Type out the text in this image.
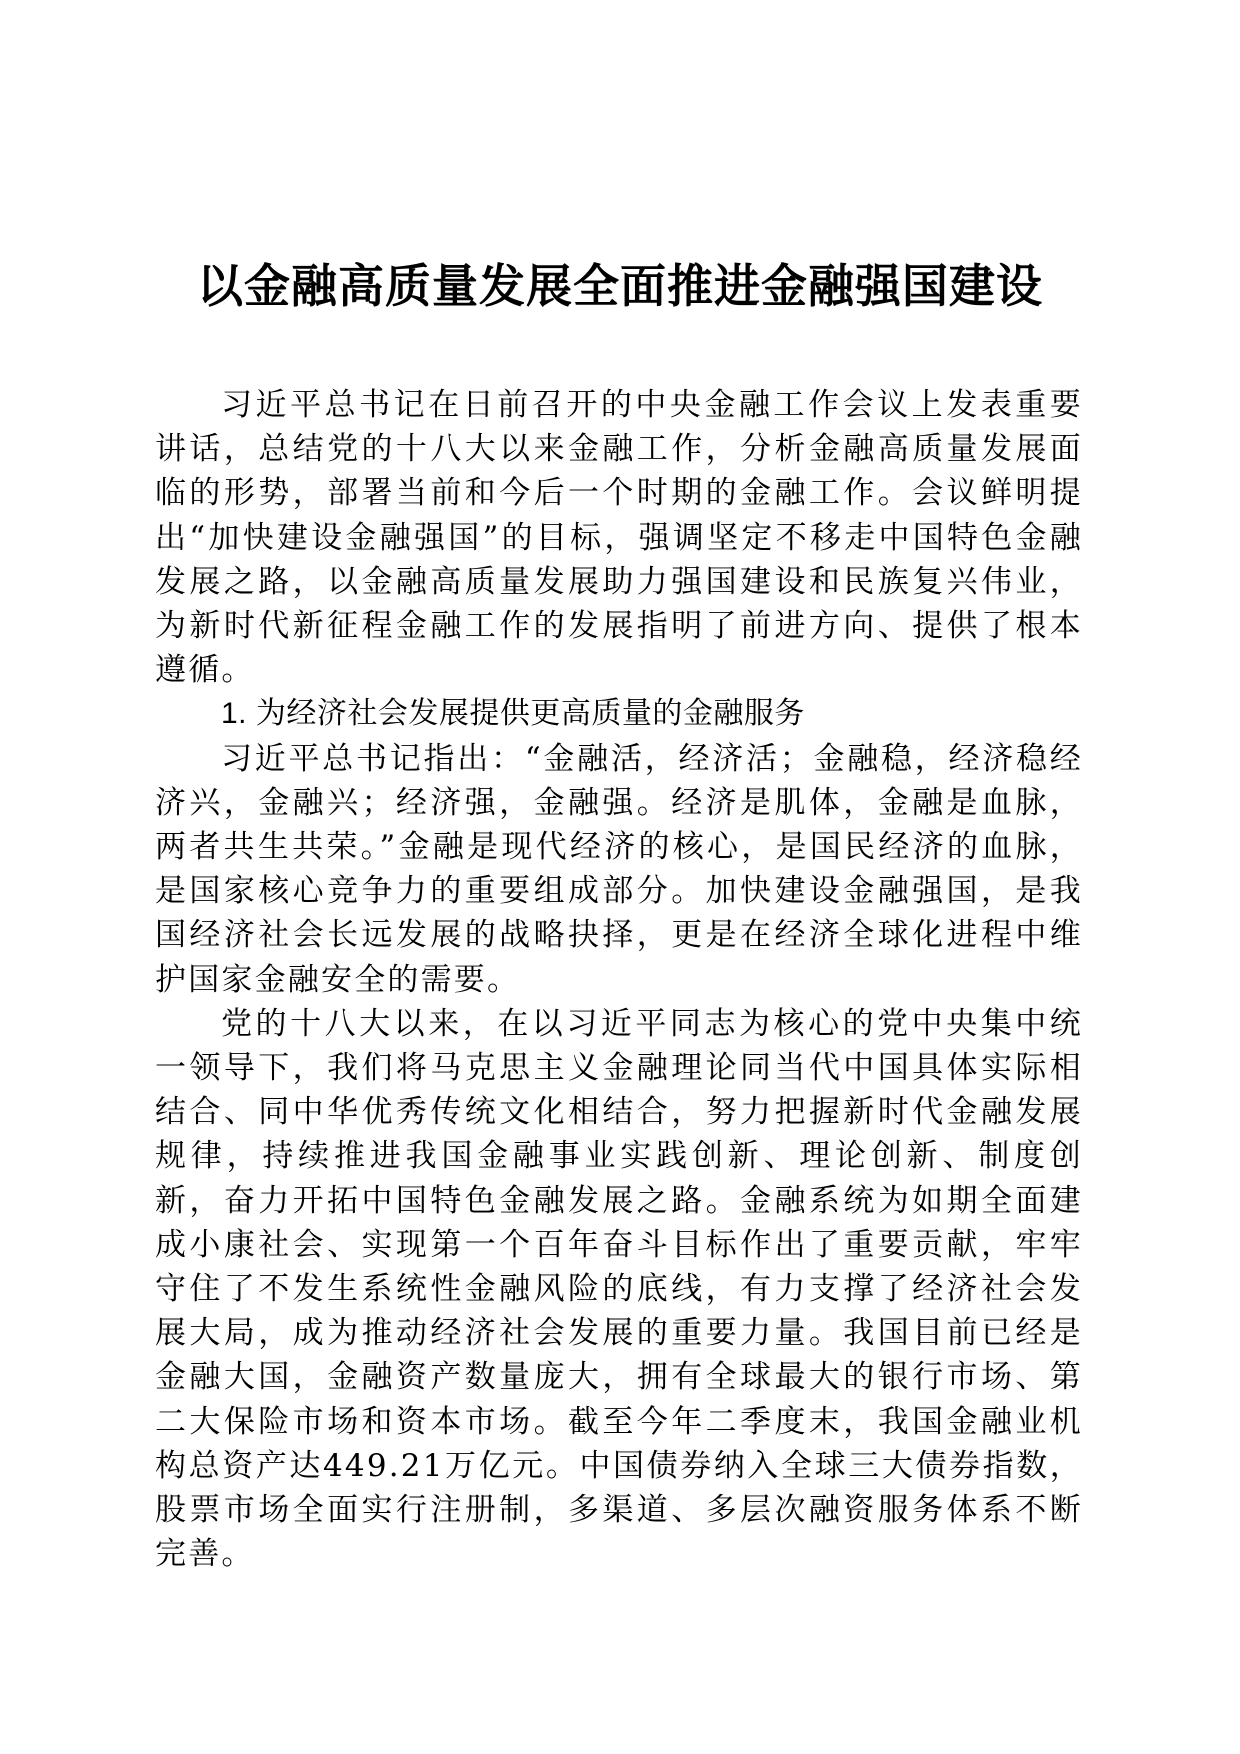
以金融高质量发展全面推进金融强国建设

习近平总书记在日前召开的中央金融工作会议上发表重要讲话，总结党的十八大以来金融工作，分析金融高质量发展面临的形势，部署当前和今后一个时期的金融工作。会议鲜明提出“加快建设金融强国”的目标，强调坚定不移走中国特色金融发展之路，以金融高质量发展助力强国建设和民族复兴伟业，为新时代新征程金融工作的发展指明了前进方向、提供了根本遵循。

1. 为经济社会发展提供更高质量的金融服务

习近平总书记指出：“金融活，经济活；金融稳，经济稳经济兴，金融兴；经济强，金融强。经济是肌体，金融是血脉，两者共生共荣。”金融是现代经济的核心，是国民经济的血脉，是国家核心竞争力的重要组成部分。加快建设金融强国，是我国经济社会长远发展的战略抉择，更是在经济全球化进程中维护国家金融安全的需要。

党的十八大以来，在以习近平同志为核心的党中央集中统一领导下，我们将马克思主义金融理论同当代中国具体实际相结合、同中华优秀传统文化相结合，努力把握新时代金融发展规律，持续推进我国金融事业实践创新、理论创新、制度创新，奋力开拓中国特色金融发展之路。金融系统为如期全面建成小康社会、实现第一个百年奋斗目标作出了重要贡献，牢牢守住了不发生系统性金融风险的底线，有力支撑了经济社会发展大局，成为推动经济社会发展的重要力量。我国目前已经是金融大国，金融资产数量庞大，拥有全球最大的银行市场、第二大保险市场和资本市场。截至今年二季度末，我国金融业机构总资产达449.21万亿元。中国债券纳入全球三大债券指数，股票市场全面实行注册制，多渠道、多层次融资服务体系不断完善。
